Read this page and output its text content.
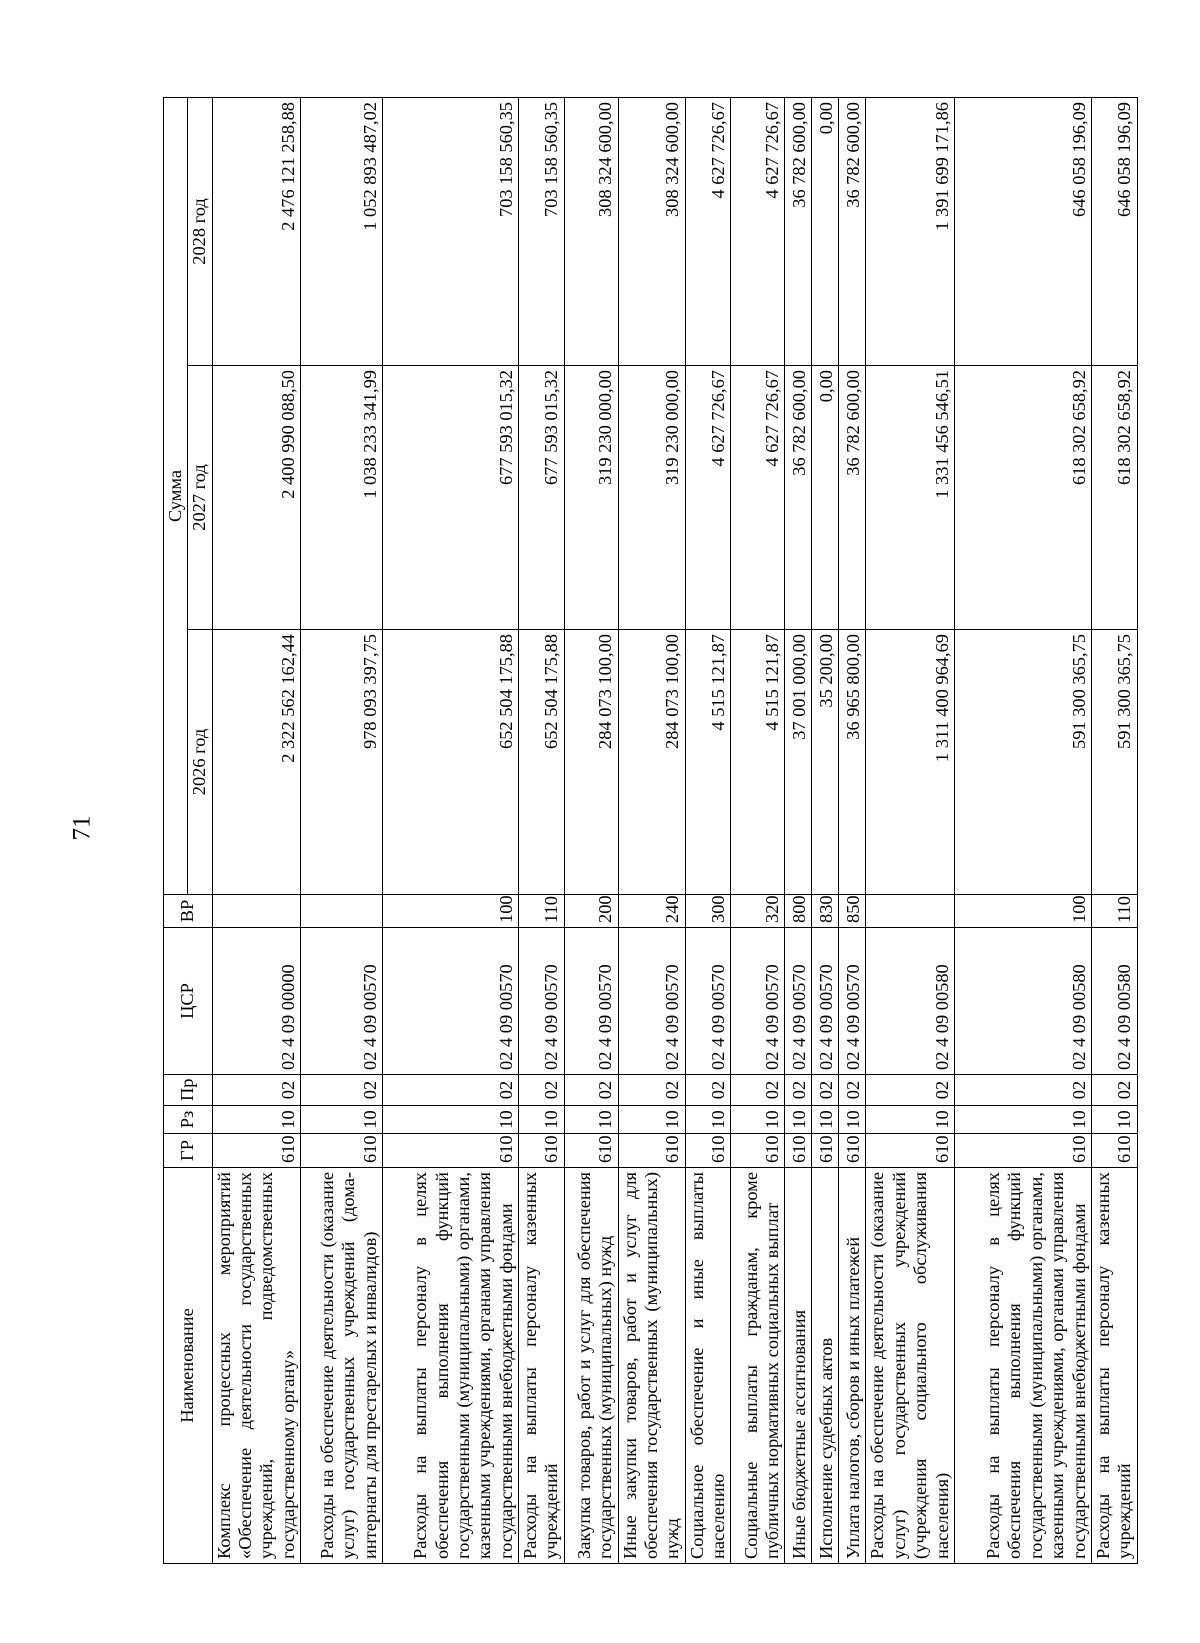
71
Наименование	ГР	Рз	Пр	ЦСР	ВР	Сумма		
						2026 год	2027 год	2028 год
Комплекс процессных мероприятий «Обеспечение деятельности государственных учреждений, подведомственных государственному органу»	610	10	02	02 4 09 00000		2 322 562 162,44	2 400 990 088,50	2 476 121 258,88
Расходы на обеспечение деятельности (оказание услуг) государственных учреждений (дома-интернаты для престарелых и инвалидов)	610	10	02	02 4 09 00570		978 093 397,75	1 038 233 341,99	1 052 893 487,02
Расходы на выплаты персоналу в целях обеспечения выполнения функций государственными (муниципальными) органами, казенными учреждениями, органами управления государственными внебюджетными фондами	610	10	02	02 4 09 00570	100	652 504 175,88	677 593 015,32	703 158 560,35
Расходы на выплаты персоналу казенных учреждений	610	10	02	02 4 09 00570	110	652 504 175,88	677 593 015,32	703 158 560,35
Закупка товаров, работ и услуг для обеспечения государственных (муниципальных) нужд	610	10	02	02 4 09 00570	200	284 073 100,00	319 230 000,00	308 324 600,00
Иные закупки товаров, работ и услуг для обеспечения государственных (муниципальных) нужд	610	10	02	02 4 09 00570	240	284 073 100,00	319 230 000,00	308 324 600,00
Социальное обеспечение и иные выплаты населению	610	10	02	02 4 09 00570	300	4 515 121,87	4 627 726,67	4 627 726,67
Социальные выплаты гражданам, кроме публичных нормативных социальных выплат	610	10	02	02 4 09 00570	320	4 515 121,87	4 627 726,67	4 627 726,67
Иные бюджетные ассигнования	610	10	02	02 4 09 00570	800	37 001 000,00	36 782 600,00	36 782 600,00
Исполнение судебных актов	610	10	02	02 4 09 00570	830	35 200,00	0,00	0,00
Уплата налогов, сборов и иных платежей	610	10	02	02 4 09 00570	850	36 965 800,00	36 782 600,00	36 782 600,00
Расходы на обеспечение деятельности (оказание услуг) государственных учреждений (учреждения социального обслуживания населения)	610	10	02	02 4 09 00580		1 311 400 964,69	1 331 456 546,51	1 391 699 171,86
Расходы на выплаты персоналу в целях обеспечения выполнения функций государственными (муниципальными) органами, казенными учреждениями, органами управления государственными внебюджетными фондами	610	10	02	02 4 09 00580	100	591 300 365,75	618 302 658,92	646 058 196,09
Расходы на выплаты персоналу казенных учреждений	610	10	02	02 4 09 00580	110	591 300 365,75	618 302 658,92	646 058 196,09
